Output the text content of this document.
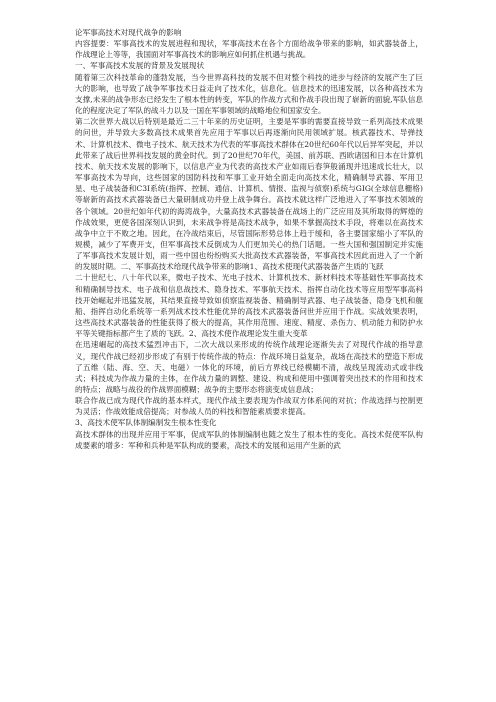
论军事高技术对现代战争的影响

内容提要：军事高技术的发展进程和现状，军事高技术在各个方面给战争带来的影响，如武器装备上，作战理论上等等，我国面对军事高技术的影响应如何抓住机遇与挑战。

一、军事高技术发展的背景及发展现状

随着第三次科技革命的蓬勃发展，当今世界高科技的发展不但对整个科技的进步与经济的发展产生了巨大的影响，也导致了战争军事技术日益走向了技术化，信息化。信息技术的迅速发展，以各种高技术为支撑,未来的战争形态已经发生了根本性的转变，军队的作战方式和作战手段出现了崭新的面貌,军队信息化的程度决定了军队的战斗力以及一国在军事领域的战略地位和国家安全。

第二次世界大战以后特别是最近二三十年来的历史证明，主要是军事的需要直接导致一系列高技术成果的问世，并导致大多数高技术成果首先应用于军事以后再逐渐向民用领域扩展。核武器技术、导弹技术、计算机技术、微电子技术、航天技术为代表的军事高技术群体在20世纪60年代以后异军突起，并以此带来了战后世界科技发展的黄金时代。到了20世纪70年代，美国、前苏联、西欧诸国和日本在计算机技术、航天技术发展的影响下，以信息产业为代表的高技术产业如雨后春笋般涌现并迅速成长壮大，以军事高技术为导向，这些国家的国防科技和军事工业开始全面走向高技术化，精确制导武器、军用卫星、电子战装备和C3I系统(指挥、控制、通信、计算机、情报、监视与侦察)系统与GIG(全球信息栅格)等崭新的高技术武器装备已大量研制成功并登上战争舞台。高技术就这样广泛地进入了军事技术领域的各个领域。20世纪如年代初的海湾战争，大量高技术武器装备在战场上的广泛应用及其所取得的辉煌的作战效果，更使各国深刻认识到，未来战争将是高技术战争，如果不掌握高技术手段，将难以在高技术战争中立于不败之地。因此，在冷战结束后，尽管国际形势总体上趋于缓和，各主要国家缩小了军队的规模，减少了军费开支，但军事高技术反倒成为人们更加关心的热门话题。一些大国和强国制定并实施了军事高技术发展计划，雨一些中国也纷纷购买大批高技术武器装备，军事高技术因此而进入了一个新的发展时期。二、军事高技术给现代战争带来的影响1、高技术使现代武器装备产生质的飞跃

二十世纪七、八十年代以来，微电子技术、光电子技术、计算机技术、新材料技术等基础性军事高技术和精确制导技术、电子战和信息战技术、隐身技术、军事航天技术、指挥自动化技术等应用型军事高科技开始崛起并迅猛发展，其结果直接导致如侦察监视装备、精确制导武器、电子战装备、隐身飞机和舰船、指挥自动化系统等一系列战术技术性能优异的高技术武器装备问世并应用于作战。实战效果表明，这些高技术武器装备的性能获得了极大的提高，其作用范围、速度、精度、杀伤力、机动能力和防护水平等关键指标都产生了质的飞跃。2、高技术使作战理论发生重大变革

在迅速崛起的高技术猛烈冲击下，二次大战以来形成的传统作战理论逐渐失去了对现代作战的指导意义，现代作战已经初步形成了有别于传统作战的特点：作战环境日益复杂，战场在高技术的塑造下形成了五维（陆、海、空、天、电磁）一体化的环境，前后方界线已经模糊不清，战线呈现流动式或非线式；科技成为作战力量的主体，在作战力量的调整、建设、构成和使用中强调着突出技术的作用和技术的特点；战略与战役的作战界面模糊；战争的主要形态将演变成信息战；

联合作战已成为现代作战的基本样式，现代作战主要表现为作战双方体系间的对抗；作战选择与控制更为灵活；作战效能成倍提高；对参战人员的科技和智能素质要求提高。

3、高技术使军队体制编制发生根本性变化

高技术群体的出现并应用于军事，促成军队的体制编制也随之发生了根本性的变化。高技术促使军队构成要素的增多：军种和兵种是军队构成的要素，高技术的发展和运用产生新的武
